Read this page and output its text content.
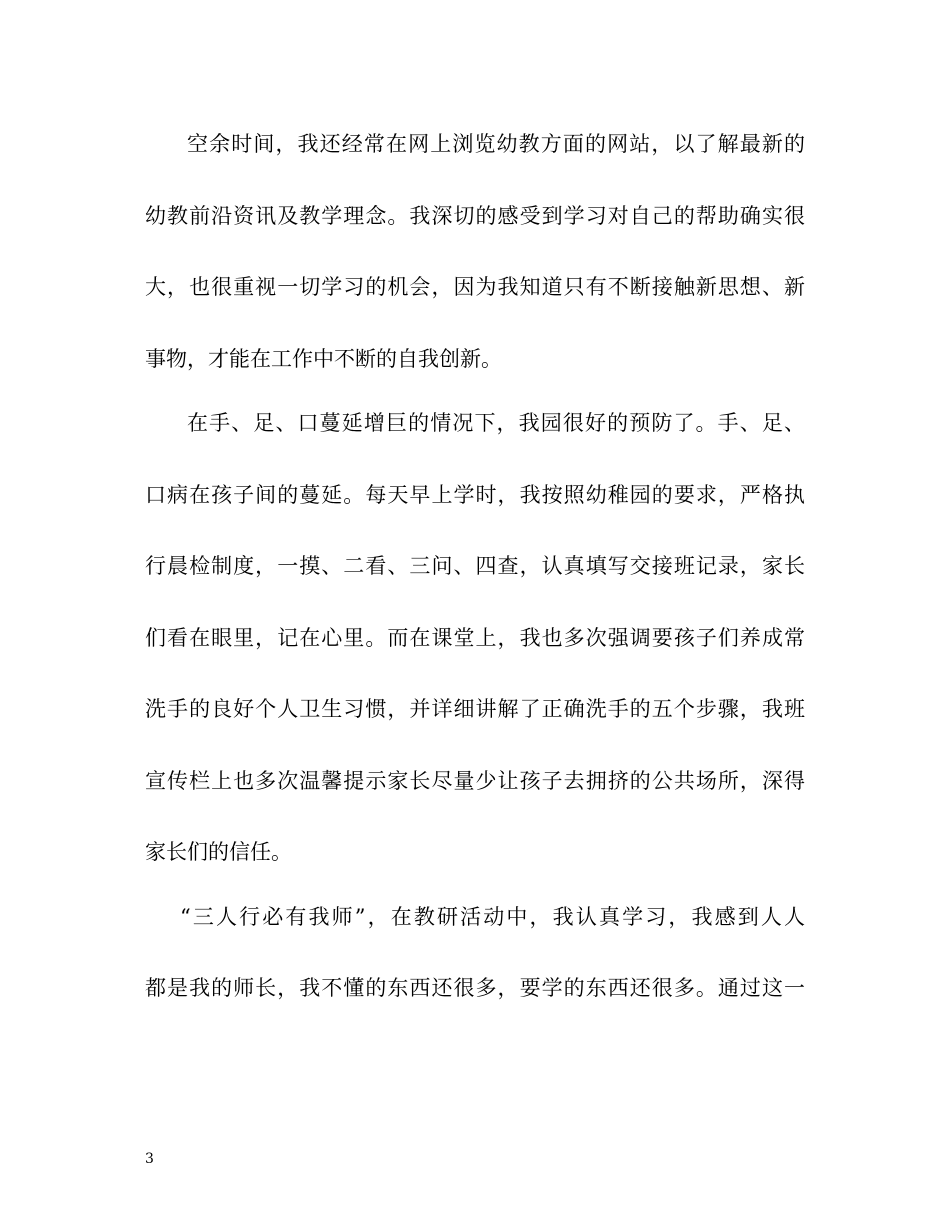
空余时间，我还经常在网上浏览幼教方面的网站，以了解最新的
幼教前沿资讯及教学理念。我深切的感受到学习对自己的帮助确实很
大，也很重视一切学习的机会，因为我知道只有不断接触新思想、新
事物，才能在工作中不断的自我创新。
在手、足、口蔓延增巨的情况下，我园很好的预防了。手、足、
口病在孩子间的蔓延。每天早上学时，我按照幼稚园的要求，严格执
行晨检制度，一摸、二看、三问、四查，认真填写交接班记录，家长
们看在眼里，记在心里。而在课堂上，我也多次强调要孩子们养成常
洗手的良好个人卫生习惯，并详细讲解了正确洗手的五个步骤，我班
宣传栏上也多次温馨提示家长尽量少让孩子去拥挤的公共场所，深得
家长们的信任。
“三人行必有我师”，在教研活动中，我认真学习，我感到人人
都是我的师长，我不懂的东西还很多，要学的东西还很多。通过这一
3
